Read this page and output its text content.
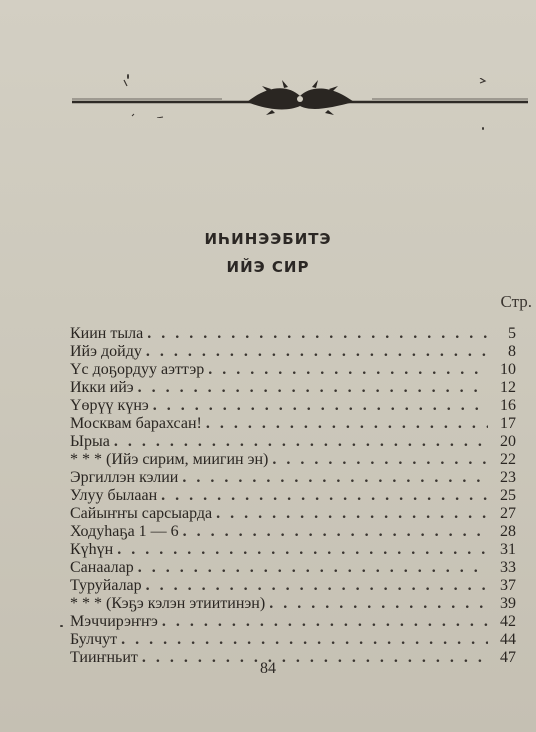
ИҺИНЭЭБИТЭ
ИЙЭ СИР
Стр.
Киин тыла . . .	5
Ийэ дойду . . .	8
Үс доҕордуу аэттэр . . .	10
Икки ийэ . . .	12
Үөрүү күнэ . . .	16
Москвам барахсан! . . .	17
Ырыа . . .	20
* * * (Ийэ сирим, миигин эн) . . .	22
Эргиллэн кэлии . . .	23
Улуу былаан . . .	25
Сайыҥҥы сарсыарда . . .	27
Ходуһаҕа 1 — 6 . . .	28
Күһүн . . .	31
Санаалар . . .	33
Туруйалар . . .	37
* * * (Кэҕэ кэлэн этиитинэн) . . .	39
Мэччирэҥҥэ . . .	42
Булчут . . .	44
Тииҥньит . . .	47
84
